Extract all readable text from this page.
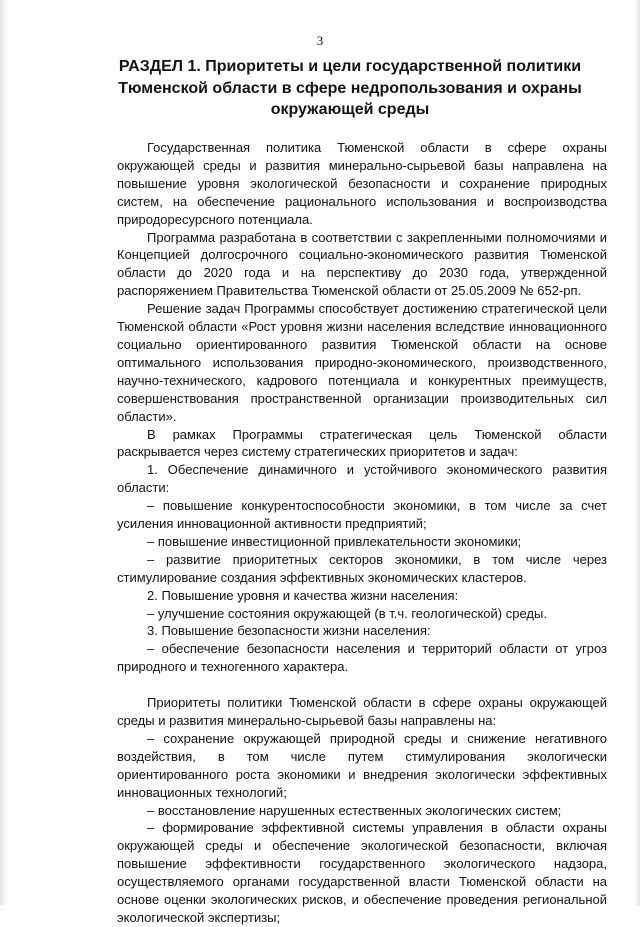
3
РАЗДЕЛ 1. Приоритеты и цели государственной политики
Тюменской области в сфере недропользования и охраны
окружающей среды

Государственная политика Тюменской области в сфере охраны окружающей среды и развития минерально-сырьевой базы направлена на повышение уровня экологической безопасности и сохранение природных систем, на обеспечение рационального использования и воспроизводства природоресурсного потенциала.

Программа разработана в соответствии с закрепленными полномочиями и Концепцией долгосрочного социально-экономического развития Тюменской области до 2020 года и на перспективу до 2030 года, утвержденной распоряжением Правительства Тюменской области от 25.05.2009 № 652-рп.

Решение задач Программы способствует достижению стратегической цели Тюменской области «Рост уровня жизни населения вследствие инновационного социально ориентированного развития Тюменской области на основе оптимального использования природно-экономического, производственного, научно-технического, кадрового потенциала и конкурентных преимуществ, совершенствования пространственной организации производительных сил области».

В рамках Программы стратегическая цель Тюменской области раскрывается через систему стратегических приоритетов и задач:

1. Обеспечение динамичного и устойчивого экономического развития области:

– повышение конкурентоспособности экономики, в том числе за счет усиления инновационной активности предприятий;

– повышение инвестиционной привлекательности экономики;

– развитие приоритетных секторов экономики, в том числе через стимулирование создания эффективных экономических кластеров.

2. Повышение уровня и качества жизни населения:

– улучшение состояния окружающей (в т.ч. геологической) среды.

3. Повышение безопасности жизни населения:

– обеспечение безопасности населения и территорий области от угроз природного и техногенного характера.

Приоритеты политики Тюменской области в сфере охраны окружающей среды и развития минерально-сырьевой базы направлены на:

– сохранение окружающей природной среды и снижение негативного воздействия, в том числе путем стимулирования экологически ориентированного роста экономики и внедрения экологически эффективных инновационных технологий;

– восстановление нарушенных естественных экологических систем;

– формирование эффективной системы управления в области охраны окружающей среды и обеспечение экологической безопасности, включая повышение эффективности государственного экологического надзора, осуществляемого органами государственной власти Тюменской области на основе оценки экологических рисков, и обеспечение проведения региональной экологической экспертизы;
